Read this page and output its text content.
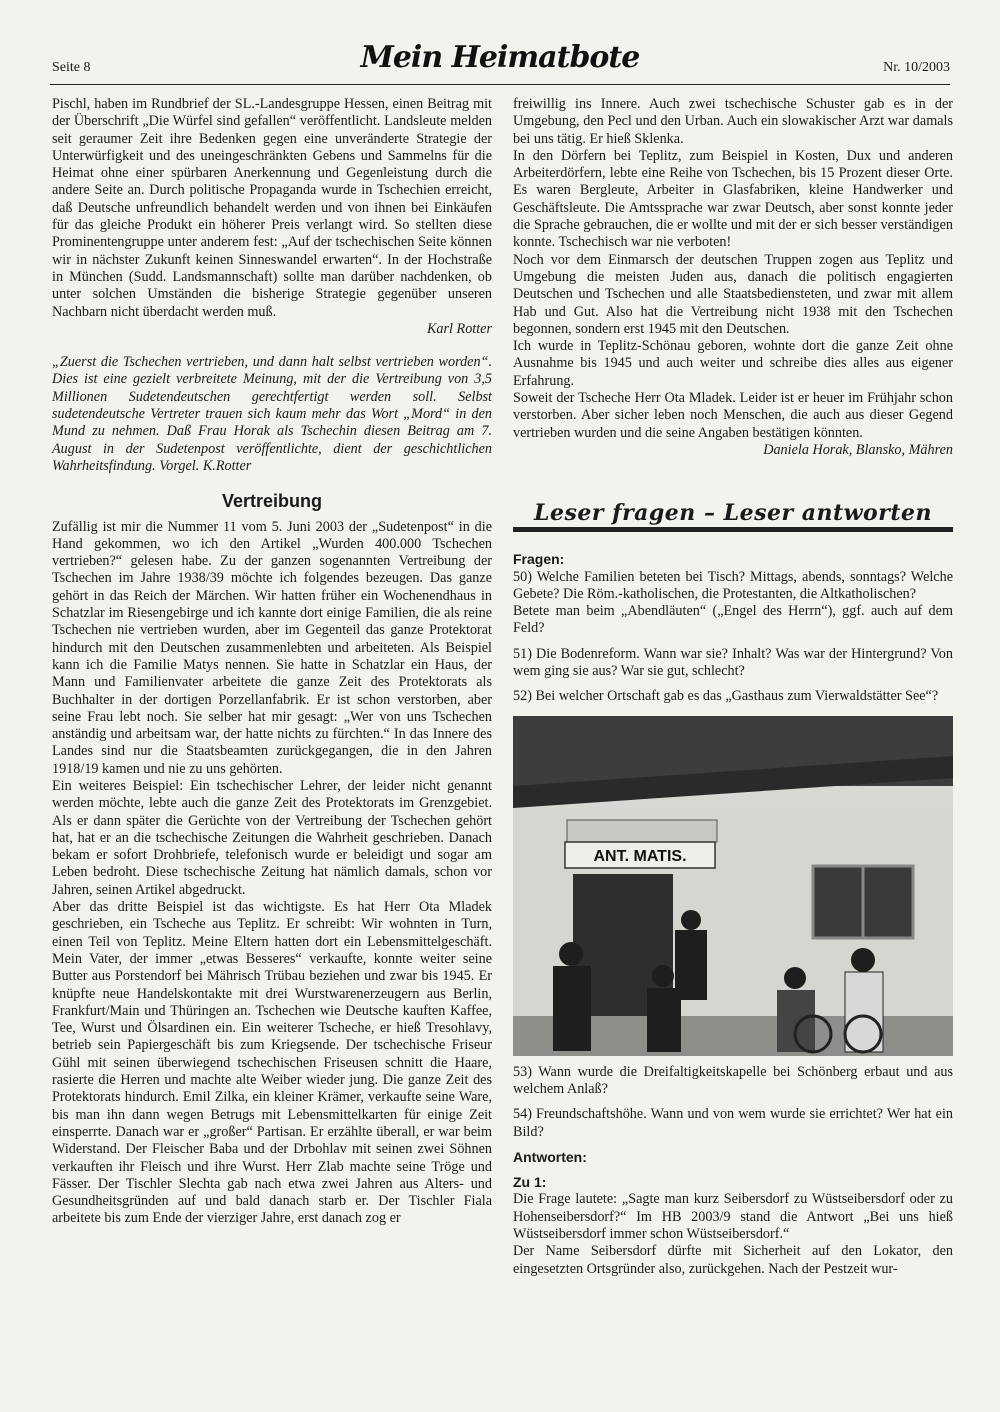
Seite 8	Mein Heimatbote	Nr. 10/2003

Pischl, haben im Rundbrief der SL.-Landesgruppe Hessen, einen Beitrag mit der Überschrift „Die Würfel sind gefallen“ veröffentlicht. Landsleute melden seit geraumer Zeit ihre Bedenken gegen eine unveränderte Strategie der Unterwürfigkeit und des uneingeschränkten Gebens und Sammelns für die Heimat ohne einer spürbaren Anerkennung und Gegenleistung durch die andere Seite an. Durch politische Propaganda wurde in Tschechien erreicht, daß Deutsche unfreundlich behandelt werden und von ihnen bei Einkäufen für das gleiche Produkt ein höherer Preis verlangt wird. So stellten diese Prominentengruppe unter anderem fest: „Auf der tschechischen Seite können wir in nächster Zukunft keinen Sinneswandel erwarten“. In der Hochstraße in München (Sudd. Landsmannschaft) sollte man darüber nachdenken, ob unter solchen Umständen die bisherige Strategie gegenüber unseren Nachbarn nicht überdacht werden muß.

Karl Rotter

„Zuerst die Tschechen vertrieben, und dann halt selbst vertrieben worden“. Dies ist eine gezielt verbreitete Meinung, mit der die Vertreibung von 3,5 Millionen Sudetendeutschen gerechtfertigt werden soll. Selbst sudetendeutsche Vertreter trauen sich kaum mehr das Wort „Mord“ in den Mund zu nehmen. Daß Frau Horak als Tschechin diesen Beitrag am 7. August in der Sudetenpost veröffentlichte, dient der geschichtlichen Wahrheitsfindung. Vorgel. K.Rotter

Vertreibung

Zufällig ist mir die Nummer 11 vom 5. Juni 2003 der „Sudetenpost“ in die Hand gekommen, wo ich den Artikel „Wurden 400.000 Tschechen vertrieben?“ gelesen habe. Zu der ganzen sogenannten Vertreibung der Tschechen im Jahre 1938/39 möchte ich folgendes bezeugen. Das ganze gehört in das Reich der Märchen. Wir hatten früher ein Wochenendhaus in Schatzlar im Riesengebirge und ich kannte dort einige Familien, die als reine Tschechen nie vertrieben wurden, aber im Gegenteil das ganze Protektorat hindurch mit den Deutschen zusammenlebten und arbeiteten. Als Beispiel kann ich die Familie Matys nennen. Sie hatte in Schatzlar ein Haus, der Mann und Familienvater arbeitete die ganze Zeit des Protektorats als Buchhalter in der dortigen Porzellanfabrik. Er ist schon verstorben, aber seine Frau lebt noch. Sie selber hat mir gesagt: „Wer von uns Tschechen anständig und arbeitsam war, der hatte nichts zu fürchten.“ In das Innere des Landes sind nur die Staatsbeamten zurückgegangen, die in den Jahren 1918/19 kamen und nie zu uns gehörten.

Ein weiteres Beispiel: Ein tschechischer Lehrer, der leider nicht genannt werden möchte, lebte auch die ganze Zeit des Protektorats im Grenzgebiet. Als er dann später die Gerüchte von der Vertreibung der Tschechen gehört hat, hat er an die tschechische Zeitungen die Wahrheit geschrieben. Danach bekam er sofort Drohbriefe, telefonisch wurde er beleidigt und sogar am Leben bedroht. Diese tschechische Zeitung hat nämlich damals, schon vor Jahren, seinen Artikel abgedruckt.

Aber das dritte Beispiel ist das wichtigste. Es hat Herr Ota Mladek geschrieben, ein Tscheche aus Teplitz. Er schreibt: Wir wohnten in Turn, einen Teil von Teplitz. Meine Eltern hatten dort ein Lebensmittelgeschäft. Mein Vater, der immer „etwas Besseres“ verkaufte, konnte weiter seine Butter aus Porstendorf bei Mährisch Trübau beziehen und zwar bis 1945. Er knüpfte neue Handelskontakte mit drei Wurstwarenerzeugern aus Berlin, Frankfurt/Main und Thüringen an. Tschechen wie Deutsche kauften Kaffee, Tee, Wurst und Ölsardinen ein. Ein weiterer Tscheche, er hieß Tresohlavy, betrieb sein Papiergeschäft bis zum Kriegsende. Der tschechische Friseur Gühl mit seinen überwiegend tschechischen Friseusen schnitt die Haare, rasierte die Herren und machte alte Weiber wieder jung. Die ganze Zeit des Protektorats hindurch. Emil Zilka, ein kleiner Krämer, verkaufte seine Ware, bis man ihn dann wegen Betrugs mit Lebensmittelkarten für einige Zeit einsperrte. Danach war er „großer“ Partisan. Er erzählte überall, er war beim Widerstand. Der Fleischer Baba und der Drbohlav mit seinen zwei Söhnen verkauften ihr Fleisch und ihre Wurst. Herr Zlab machte seine Tröge und Fässer. Der Tischler Slechta gab nach etwa zwei Jahren aus Alters- und Gesundheitsgründen auf und bald danach starb er. Der Tischler Fiala arbeitete bis zum Ende der vierziger Jahre, erst danach zog er

freiwillig ins Innere. Auch zwei tschechische Schuster gab es in der Umgebung, den Pecl und den Urban. Auch ein slowakischer Arzt war damals bei uns tätig. Er hieß Sklenka.

In den Dörfern bei Teplitz, zum Beispiel in Kosten, Dux und anderen Arbeiterdörfern, lebte eine Reihe von Tschechen, bis 15 Prozent dieser Orte. Es waren Bergleute, Arbeiter in Glasfabriken, kleine Handwerker und Geschäftsleute. Die Amtssprache war zwar Deutsch, aber sonst konnte jeder die Sprache gebrauchen, die er wollte und mit der er sich besser verständigen konnte. Tschechisch war nie verboten!

Noch vor dem Einmarsch der deutschen Truppen zogen aus Teplitz und Umgebung die meisten Juden aus, danach die politisch engagierten Deutschen und Tschechen und alle Staatsbediensteten, und zwar mit allem Hab und Gut. Also hat die Vertreibung nicht 1938 mit den Tschechen begonnen, sondern erst 1945 mit den Deutschen.

Ich wurde in Teplitz-Schönau geboren, wohnte dort die ganze Zeit ohne Ausnahme bis 1945 und auch weiter und schreibe dies alles aus eigener Erfahrung.

Soweit der Tscheche Herr Ota Mladek. Leider ist er heuer im Frühjahr schon verstorben. Aber sicher leben noch Menschen, die auch aus dieser Gegend vertrieben wurden und die seine Angaben bestätigen könnten.

Daniela Horak, Blansko, Mähren

Leser fragen – Leser antworten

Fragen:

50) Welche Familien beteten bei Tisch? Mittags, abends, sonntags? Welche Gebete? Die Röm.-katholischen, die Protestanten, die Altkatholischen?

Betete man beim „Abendläuten“ („Engel des Herrn“), ggf. auch auf dem Feld?

51) Die Bodenreform. Wann war sie? Inhalt? Was war der Hintergrund? Von wem ging sie aus? War sie gut, schlecht?

52) Bei welcher Ortschaft gab es das „Gasthaus zum Vierwaldstätter See“?

ANT. MATIS.

53) Wann wurde die Dreifaltigkeitskapelle bei Schönberg erbaut und aus welchem Anlaß?

54) Freundschaftshöhe. Wann und von wem wurde sie errichtet? Wer hat ein Bild?

Antworten:

Zu 1:

Die Frage lautete: „Sagte man kurz Seibersdorf zu Wüstseibersdorf oder zu Hohenseibersdorf?“ Im HB 2003/9 stand die Antwort „Bei uns hieß Wüstseibersdorf immer schon Wüstseibersdorf.“

Der Name Seibersdorf dürfte mit Sicherheit auf den Lokator, den eingesetzten Ortsgründer also, zurückgehen. Nach der Pestzeit wur-
